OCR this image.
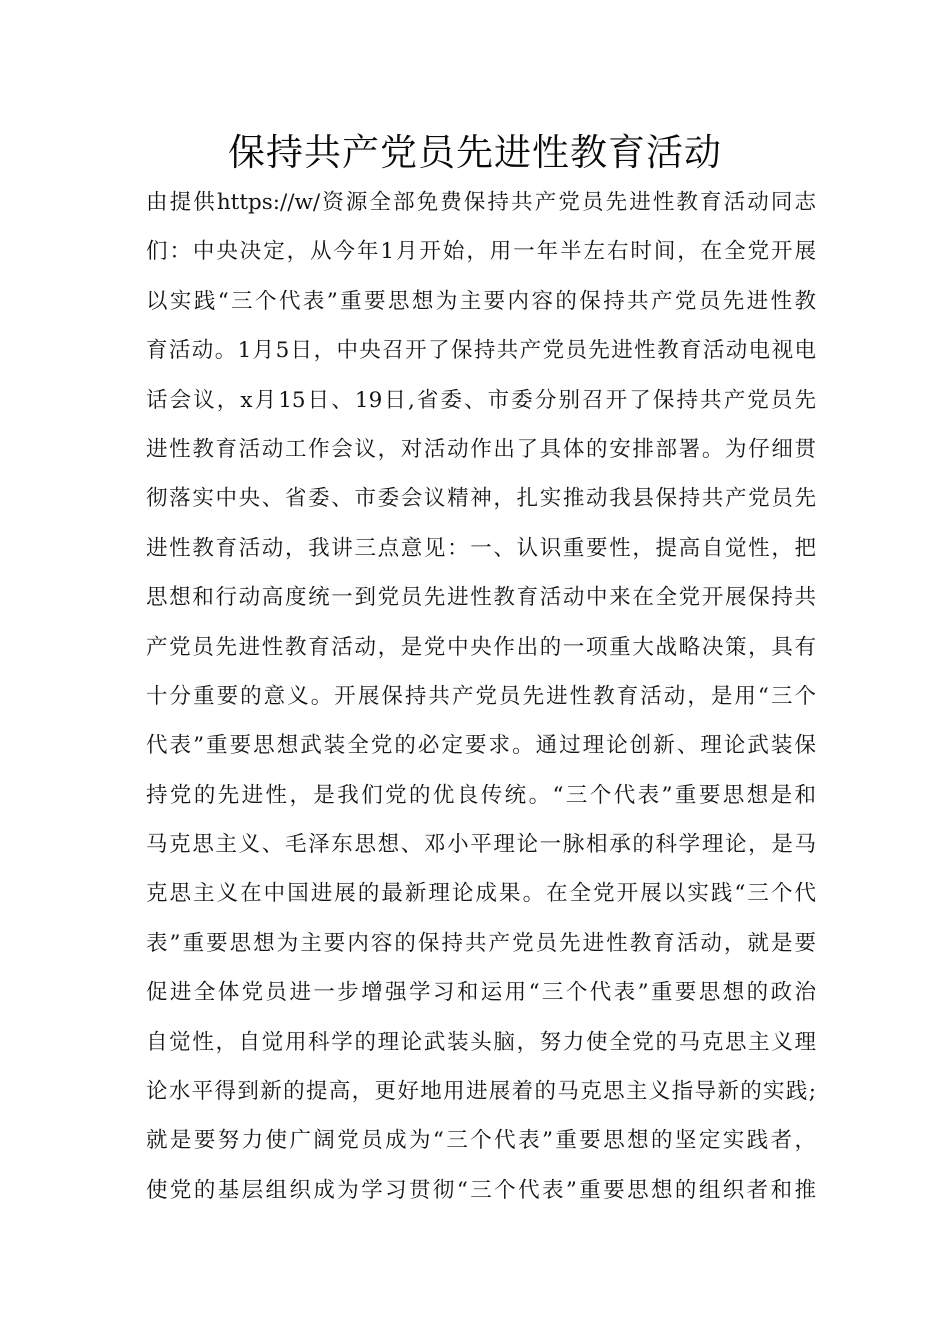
保持共产党员先进性教育活动
由提供https://w/资源全部免费保持共产党员先进性教育活动同志
们：中央决定，从今年1月开始，用一年半左右时间，在全党开展
以实践“三个代表”重要思想为主要内容的保持共产党员先进性教
育活动。1月5日，中央召开了保持共产党员先进性教育活动电视电
话会议，x月15日、19日,省委、市委分别召开了保持共产党员先
进性教育活动工作会议，对活动作出了具体的安排部署。为仔细贯
彻落实中央、省委、市委会议精神，扎实推动我县保持共产党员先
进性教育活动，我讲三点意见：一、认识重要性，提高自觉性，把
思想和行动高度统一到党员先进性教育活动中来在全党开展保持共
产党员先进性教育活动，是党中央作出的一项重大战略决策，具有
十分重要的意义。开展保持共产党员先进性教育活动，是用“三个
代表”重要思想武装全党的必定要求。通过理论创新、理论武装保
持党的先进性，是我们党的优良传统。“三个代表”重要思想是和
马克思主义、毛泽东思想、邓小平理论一脉相承的科学理论，是马
克思主义在中国进展的最新理论成果。在全党开展以实践“三个代
表”重要思想为主要内容的保持共产党员先进性教育活动，就是要
促进全体党员进一步增强学习和运用“三个代表”重要思想的政治
自觉性，自觉用科学的理论武装头脑，努力使全党的马克思主义理
论水平得到新的提高，更好地用进展着的马克思主义指导新的实践;
就是要努力使广阔党员成为“三个代表”重要思想的坚定实践者，
使党的基层组织成为学习贯彻“三个代表”重要思想的组织者和推
